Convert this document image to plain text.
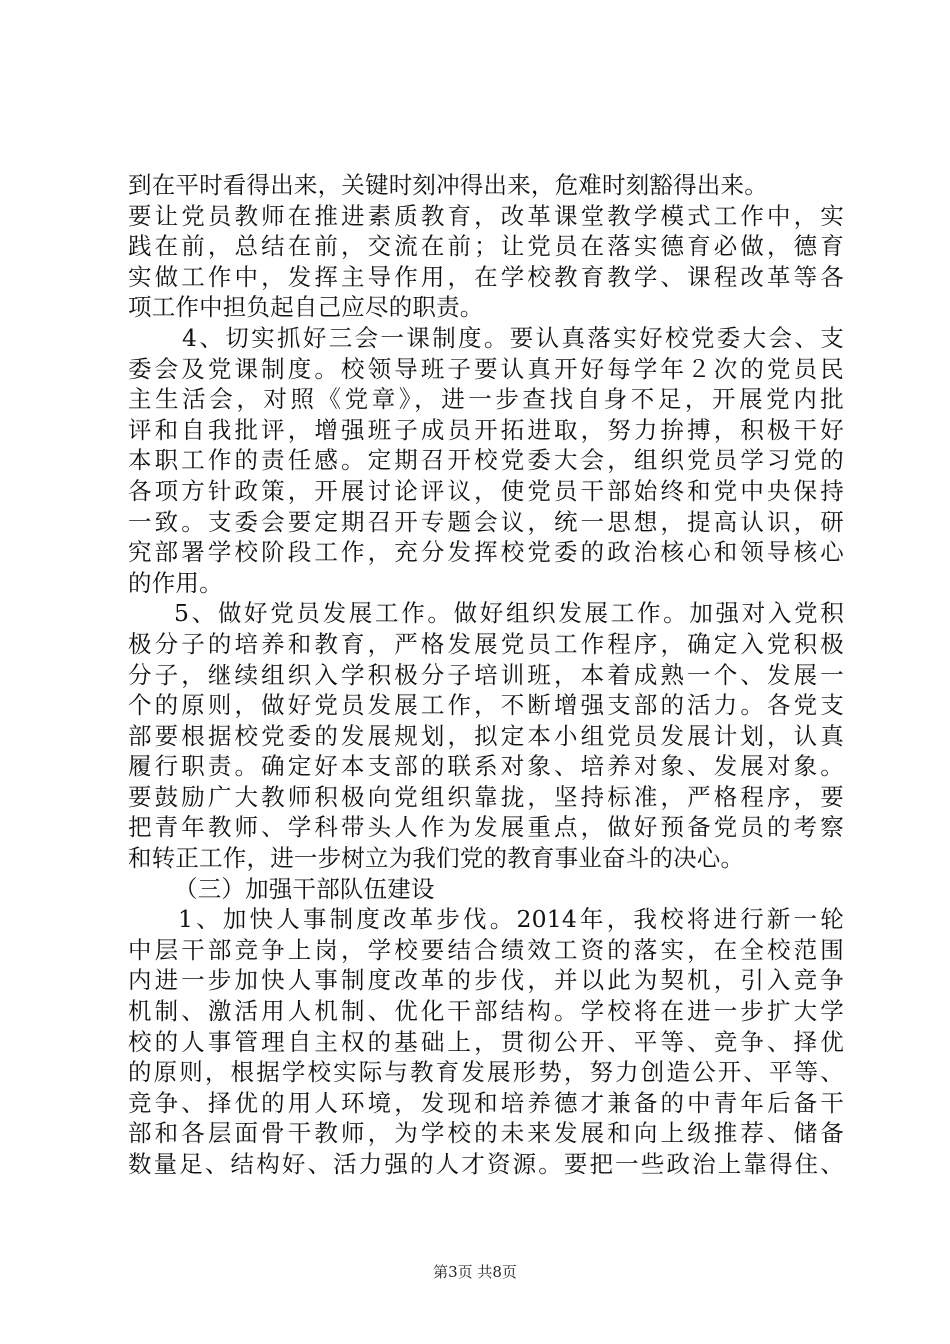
到在平时看得出来，关键时刻冲得出来，危难时刻豁得出来。
要让党员教师在推进素质教育，改革课堂教学模式工作中，实
践在前，总结在前，交流在前；让党员在落实德育必做，德育
实做工作中，发挥主导作用，在学校教育教学、课程改革等各
项工作中担负起自己应尽的职责。
4、切实抓好三会一课制度。要认真落实好校党委大会、支
委会及党课制度。校领导班子要认真开好每学年２次的党员民
主生活会，对照《党章》，进一步查找自身不足，开展党内批
评和自我批评，增强班子成员开拓进取，努力拚搏，积极干好
本职工作的责任感。定期召开校党委大会，组织党员学习党的
各项方针政策，开展讨论评议，使党员干部始终和党中央保持
一致。支委会要定期召开专题会议，统一思想，提高认识，研
究部署学校阶段工作，充分发挥校党委的政治核心和领导核心
的作用。
5、做好党员发展工作。做好组织发展工作。加强对入党积
极分子的培养和教育，严格发展党员工作程序，确定入党积极
分子，继续组织入学积极分子培训班，本着成熟一个、发展一
个的原则，做好党员发展工作，不断增强支部的活力。各党支
部要根据校党委的发展规划，拟定本小组党员发展计划，认真
履行职责。确定好本支部的联系对象、培养对象、发展对象。
要鼓励广大教师积极向党组织靠拢，坚持标准，严格程序，要
把青年教师、学科带头人作为发展重点，做好预备党员的考察
和转正工作，进一步树立为我们党的教育事业奋斗的决心。
（三）加强干部队伍建设
1、加快人事制度改革步伐。2014年，我校将进行新一轮
中层干部竞争上岗，学校要结合绩效工资的落实，在全校范围
内进一步加快人事制度改革的步伐，并以此为契机，引入竞争
机制、激活用人机制、优化干部结构。学校将在进一步扩大学
校的人事管理自主权的基础上，贯彻公开、平等、竞争、择优
的原则，根据学校实际与教育发展形势，努力创造公开、平等、
竞争、择优的用人环境，发现和培养德才兼备的中青年后备干
部和各层面骨干教师，为学校的未来发展和向上级推荐、储备
数量足、结构好、活力强的人才资源。要把一些政治上靠得住、
第3页 共8页
